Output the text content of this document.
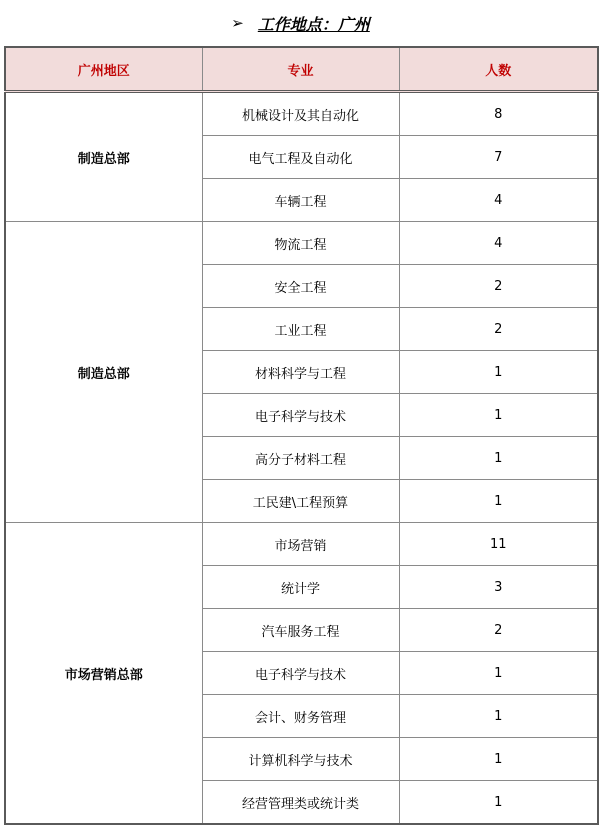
➢ 工作地点：广州
广州地区	专业	人数
制造总部	机械设计及其自动化	8
	电气工程及自动化	7
	车辆工程	4
制造总部	物流工程	4
	安全工程	2
	工业工程	2
	材料科学与工程	1
	电子科学与技术	1
	高分子材料工程	1
	工民建\工程预算	1
市场营销总部	市场营销	11
	统计学	3
	汽车服务工程	2
	电子科学与技术	1
	会计、财务管理	1
	计算机科学与技术	1
	经营管理类或统计类	1
